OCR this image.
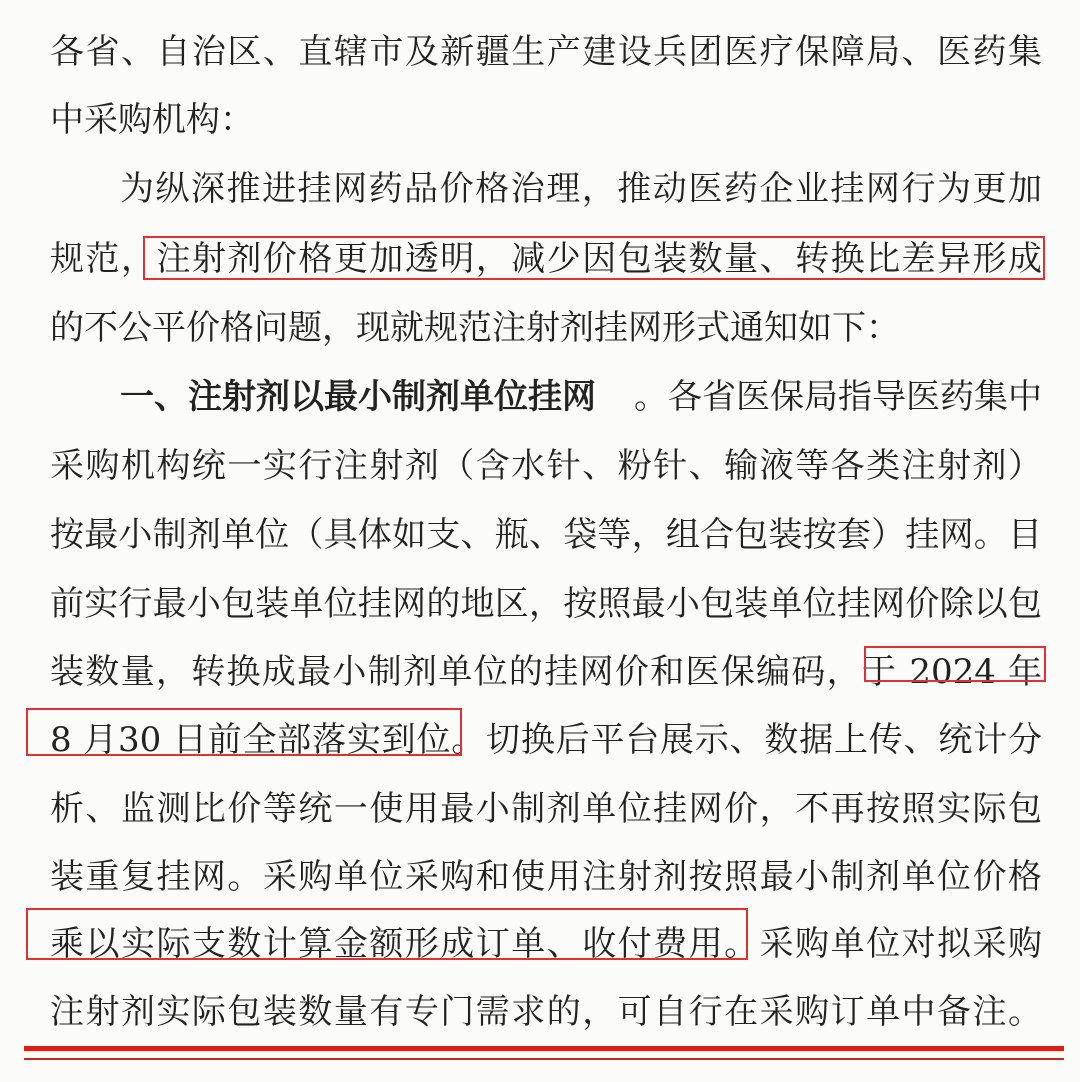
各省、自治区、直辖市及新疆生产建设兵团医疗保障局、医药集
中采购机构：
为纵深推进挂网药品价格治理，推动医药企业挂网行为更加
规范，注射剂价格更加透明，减少因包装数量、转换比差异形成
的不公平价格问题，现就规范注射剂挂网形式通知如下：
一、注射剂以最小制剂单位挂网 。各省医保局指导医药集中
采购机构统一实行注射剂（含水针、粉针、输液等各类注射剂）
按最小制剂单位（具体如支、瓶、袋等，组合包装按套）挂网。目
前实行最小包装单位挂网的地区，按照最小包装单位挂网价除以包
装数量，转换成最小制剂单位的挂网价和医保编码，于 2024 年
8 月30 日前全部落实到位。切换后平台展示、数据上传、统计分
析、监测比价等统一使用最小制剂单位挂网价，不再按照实际包
装重复挂网。采购单位采购和使用注射剂按照最小制剂单位价格
乘以实际支数计算金额形成订单、收付费用。采购单位对拟采购
注射剂实际包装数量有专门需求的，可自行在采购订单中备注。
